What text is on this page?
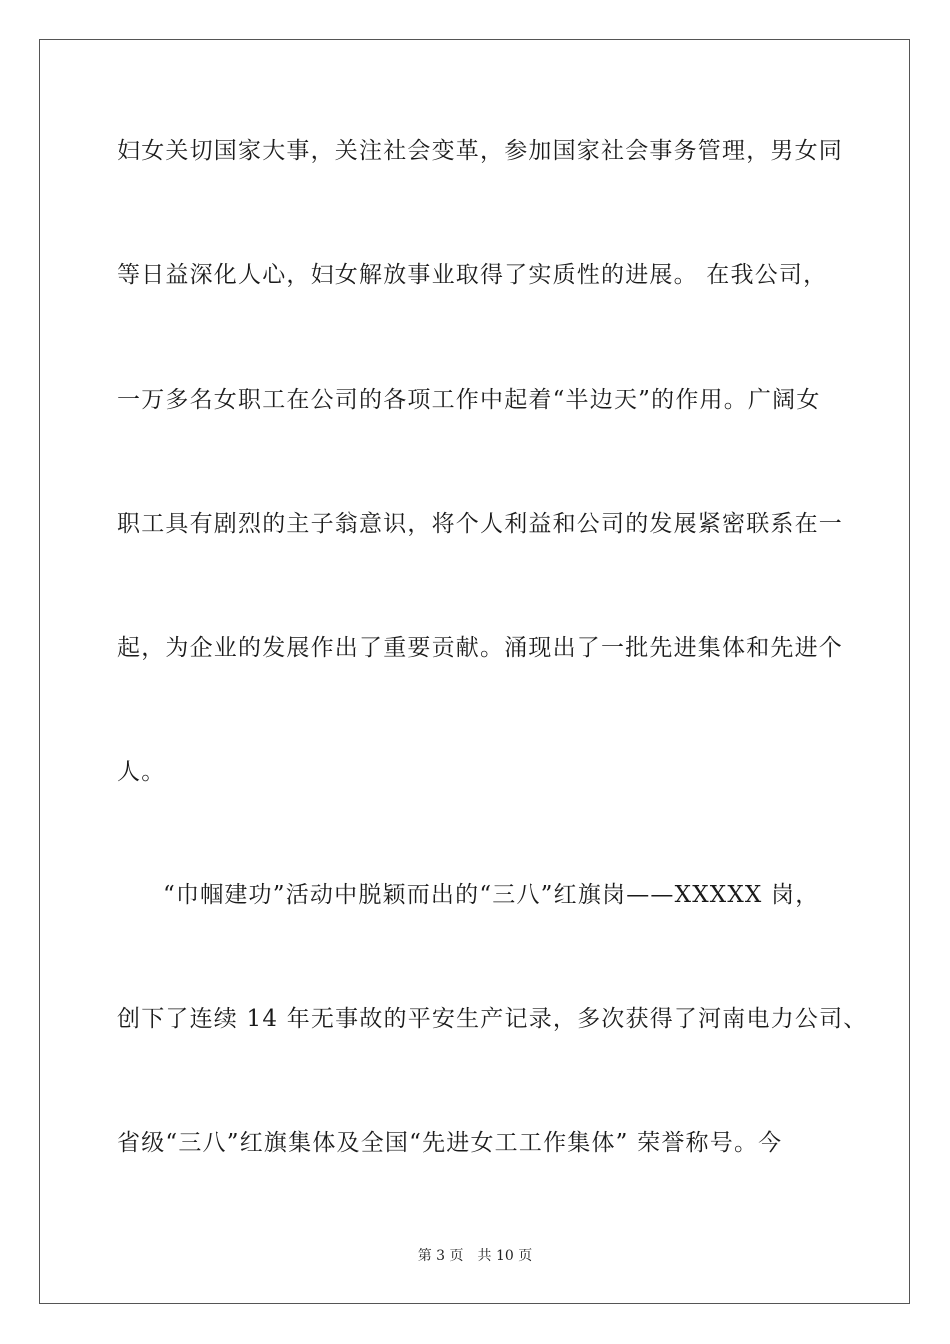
妇女关切国家大事，关注社会变革，参加国家社会事务管理，男女同
等日益深化人心，妇女解放事业取得了实质性的进展。 在我公司，
一万多名女职工在公司的各项工作中起着“半边天”的作用。广阔女
职工具有剧烈的主子翁意识，将个人利益和公司的发展紧密联系在一
起，为企业的发展作出了重要贡献。涌现出了一批先进集体和先进个
人。
“巾帼建功”活动中脱颖而出的“三八”红旗岗——XXXXX 岗，
创下了连续 14 年无事故的平安生产记录，多次获得了河南电力公司、
省级“三八”红旗集体及全国“先进女工工作集体” 荣誉称号。今
第 3 页 共 10 页
